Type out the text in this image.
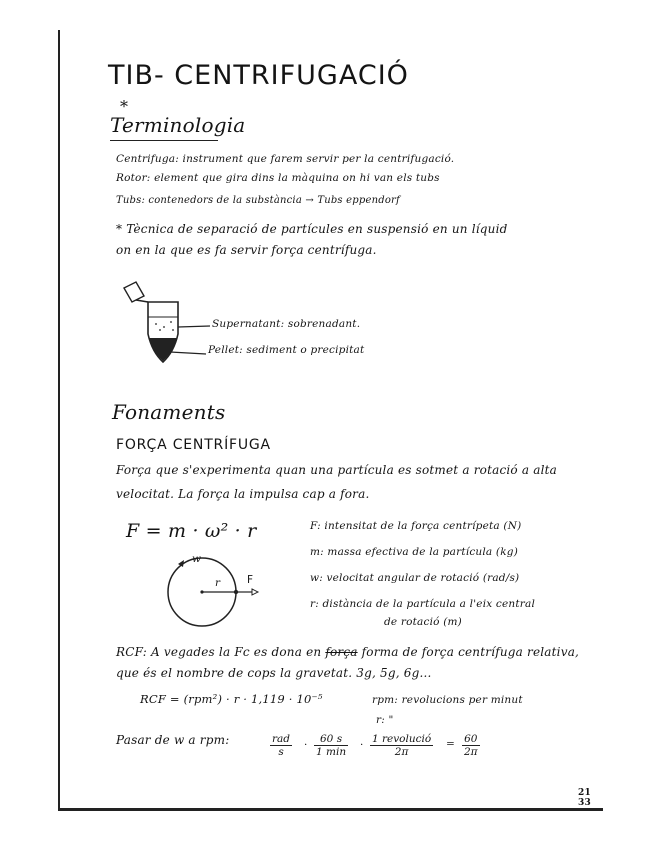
TIB- CENTRIFUGACIÓ
*
Terminologia
Centrifuga: instrument que farem servir per la centrifugació.
Rotor: element que gira dins la màquina on hi van els tubs
Tubs: contenedors de la substància → Tubs eppendorf
* Tècnica de separació de partícules en suspensió en un líquid
on en la que es fa servir força centrífuga.
Supernatant: sobrenadant.
Pellet: sediment o precipitat
Fonaments
FORÇA CENTRÍFUGA
Força que s'experimenta quan una partícula es sotmet a rotació a alta
velocitat. La força la impulsa cap a fora.
F = m · ω² · r
w
r	F
F: intensitat de la força centrípeta (N)
m: massa efectiva de la partícula (kg)
w: velocitat angular de rotació (rad/s)
r: distància de la partícula a l'eix central
de rotació (m)
RCF: A vegades la Fc es dona en força forma de força centrífuga relativa,
que és el nombre de cops la gravetat. 3g, 5g, 6g...
RCF = (rpm²) · r · 1,119 · 10⁻⁵	rpm: revolucions per minut
r: "
Pasar de w a rpm:	rad
s
·	60 s
1 min
· 1 revolució
2π
= $\frac{60}{2\pi}$
21
33
